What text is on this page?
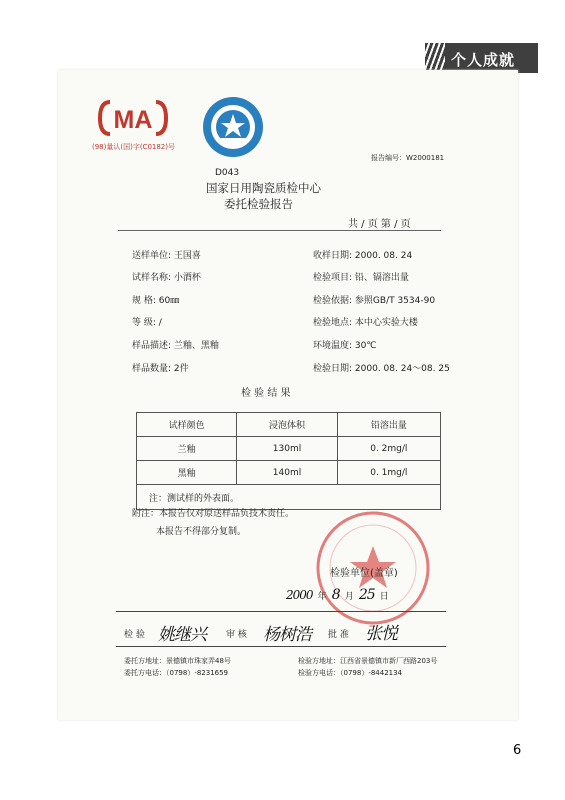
个人成就
MA
(98)量认(国)字(C0182)号
D043
报告编号：W2000181
国家日用陶瓷质检中心
委托检验报告
共 / 页 第 / 页
送样单位: 王国喜
试样名称: 小酒杯
规 格: 60㎜
等 级: /
样品描述: 兰釉、黑釉
样品数量: 2件
收样日期: 2000. 08. 24
检验项目: 铅、镉溶出量
检验依据: 参照GB/T 3534-90
检验地点: 本中心实验大楼
环境温度: 30℃
检验日期: 2000. 08. 24～08. 25
检 验 结 果
试样颜色	浸泡体积	铅溶出量
兰釉	130ml	0. 2mg/l
黑釉	140ml	0. 1mg/l
注：测试样的外表面。		
附注：本报告仅对原送样品负技术责任。
本报告不得部分复制。
检验单位(盖章)
2000 年 8 月 25 日
检 验 姚继兴 审 核 杨树浩 批 准 张悦
委托方地址：景德镇市珠家弄48号
委托方电话：（0798）-8231659
检验方地址：江西省景德镇市新厂西路203号
检验方电话：（0798）-8442134
6
